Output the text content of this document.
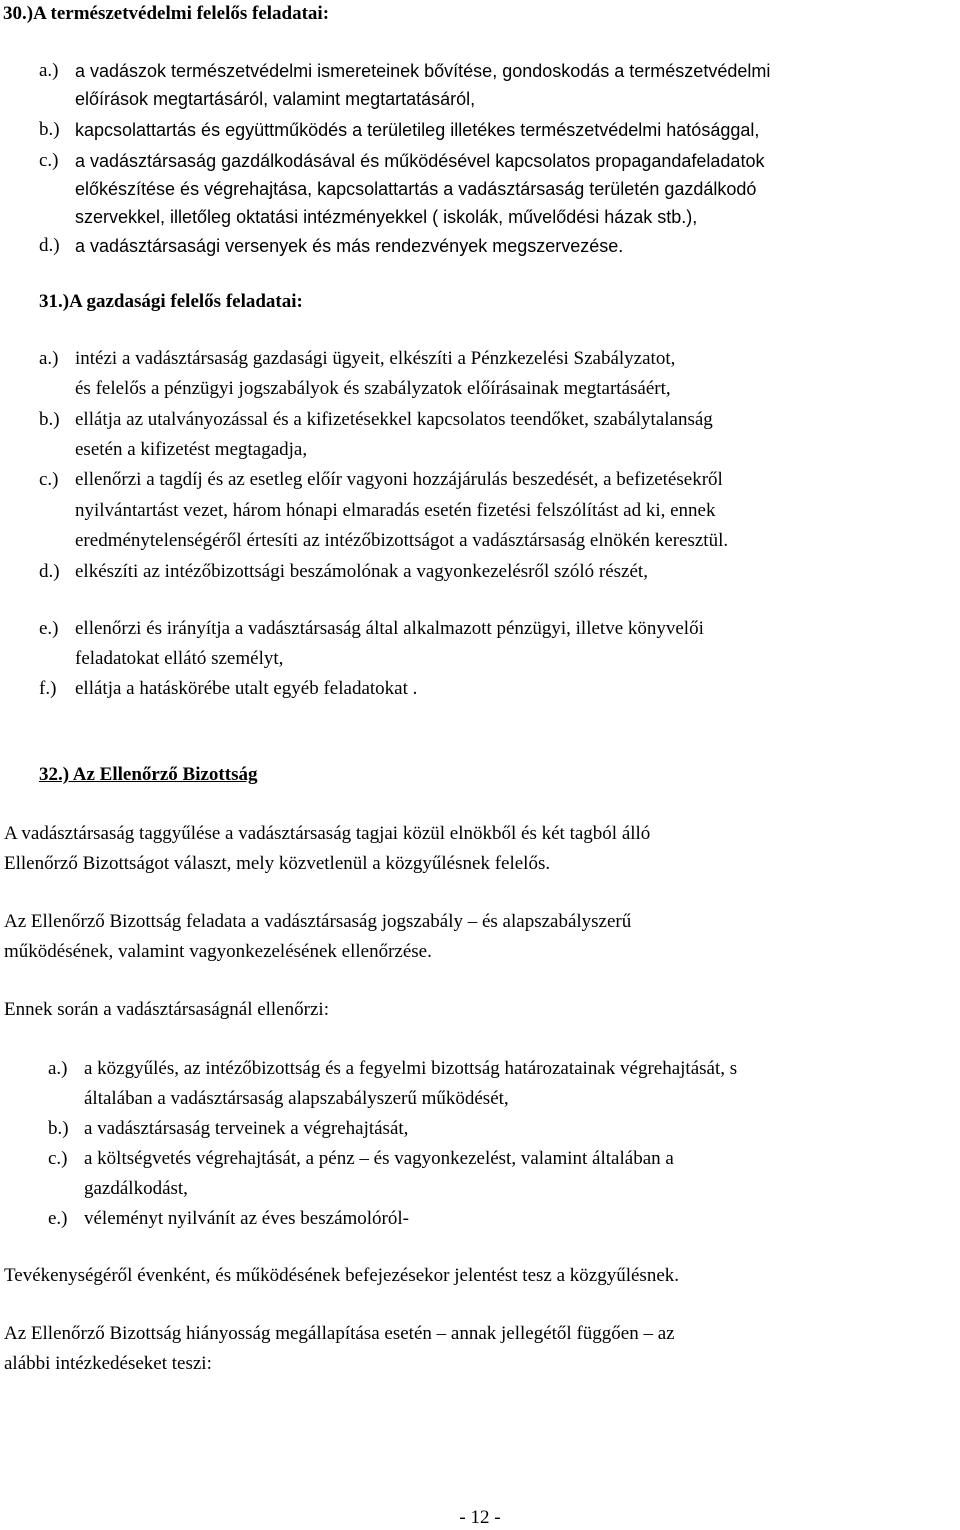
30.)A természetvédelmi felelős feladatai:
a.) a vadászok természetvédelmi ismereteinek bővítése, gondoskodás a természetvédelmi
előírások megtartásáról, valamint megtartatásáról,
b.) kapcsolattartás és együttműködés a területileg illetékes természetvédelmi hatósággal,
c.) a vadásztársaság gazdálkodásával és működésével kapcsolatos propagandafeladatok
előkészítése és végrehajtása, kapcsolattartás a vadásztársaság területén gazdálkodó
szervekkel, illetőleg oktatási intézményekkel ( iskolák, művelődési házak stb.),
d.) a vadásztársasági versenyek és más rendezvények megszervezése.
31.)A gazdasági felelős feladatai:
a.) intézi a vadásztársaság gazdasági ügyeit, elkészíti a Pénzkezelési Szabályzatot,
és felelős a pénzügyi jogszabályok és szabályzatok előírásainak megtartásáért,
b.) ellátja az utalványozással és a kifizetésekkel kapcsolatos teendőket, szabálytalanság
esetén a kifizetést megtagadja,
c.) ellenőrzi a tagdíj és az esetleg előír vagyoni hozzájárulás beszedését, a befizetésekről
nyilvántartást vezet, három hónapi elmaradás esetén fizetési felszólítást ad ki, ennek
eredménytelenségéről értesíti az intézőbizottságot a vadásztársaság elnökén keresztül.
d.) elkészíti az intézőbizottsági beszámolónak a vagyonkezelésről szóló részét,
e.) ellenőrzi és irányítja a vadásztársaság által alkalmazott pénzügyi, illetve könyvelői
feladatokat ellátó személyt,
f.) ellátja a hatáskörébe utalt egyéb feladatokat .
32.) Az Ellenőrző Bizottság
A vadásztársaság taggyűlése a vadásztársaság tagjai közül elnökből és két tagból álló
Ellenőrző Bizottságot választ, mely közvetlenül a közgyűlésnek felelős.
Az Ellenőrző Bizottság feladata a vadásztársaság jogszabály – és alapszabályszerű
működésének, valamint vagyonkezelésének ellenőrzése.
Ennek során a vadásztársaságnál ellenőrzi:
a.) a közgyűlés, az intézőbizottság és a fegyelmi bizottság határozatainak végrehajtását, s
általában a vadásztársaság alapszabályszerű működését,
b.) a vadásztársaság terveinek a végrehajtását,
c.) a költségvetés végrehajtását, a pénz – és vagyonkezelést, valamint általában a
gazdálkodást,
e.) véleményt nyilvánít az éves beszámolóról-
Tevékenységéről évenként, és működésének befejezésekor jelentést tesz a közgyűlésnek.
Az Ellenőrző Bizottság hiányosság megállapítása esetén – annak jellegétől függően – az
alábbi intézkedéseket teszi:
- 12 -
